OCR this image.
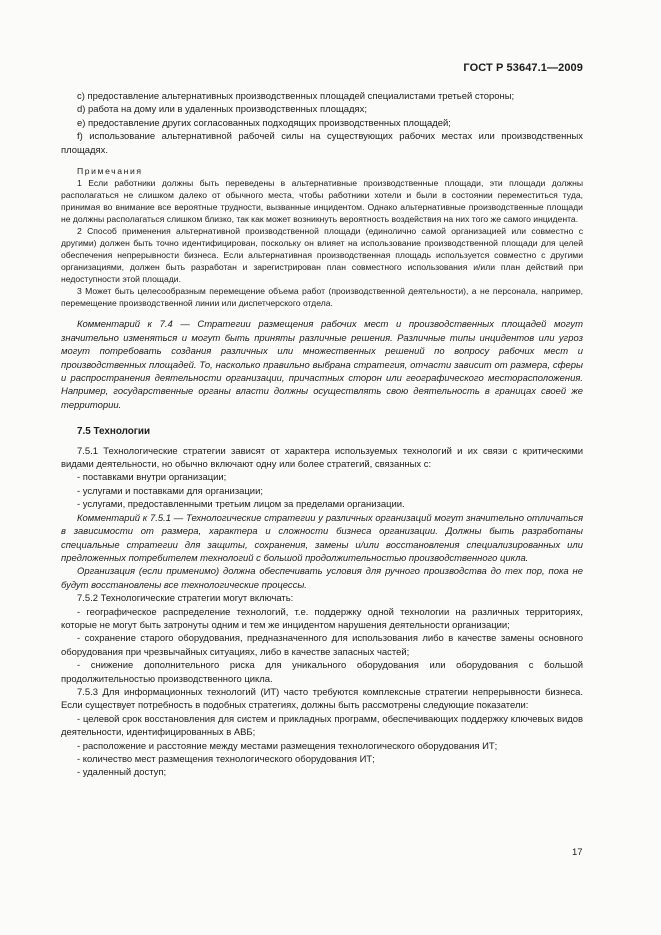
ГОСТ Р 53647.1—2009

с) предоставление альтернативных производственных площадей специалистами третьей стороны;

d) работа на дому или в удаленных производственных площадях;

е) предоставление других согласованных подходящих производственных площадей;

f) использование альтернативной рабочей силы на существующих рабочих местах или производственных площадях.

Примечания

1 Если работники должны быть переведены в альтернативные производственные площади, эти площади должны располагаться не слишком далеко от обычного места, чтобы работники хотели и были в состоянии переместиться туда, принимая во внимание все вероятные трудности, вызванные инцидентом. Однако альтернативные производственные площади не должны располагаться слишком близко, так как может возникнуть вероятность воздействия на них того же самого инцидента.

2 Способ применения альтернативной производственной площади (единолично самой организацией или совместно с другими) должен быть точно идентифицирован, поскольку он влияет на использование производственной площади для целей обеспечения непрерывности бизнеса. Если альтернативная производственная площадь используется совместно с другими организациями, должен быть разработан и зарегистрирован план совместного использования и/или план действий при недоступности этой площади.

3 Может быть целесообразным перемещение объема работ (производственной деятельности), а не персонала, например, перемещение производственной линии или диспетчерского отдела.

Комментарий к 7.4 — Стратегии размещения рабочих мест и производственных площадей могут значительно изменяться и могут быть приняты различные решения. Различные типы инцидентов или угроз могут потребовать создания различных или множественных решений по вопросу рабочих мест и производственных площадей. То, насколько правильно выбрана стратегия, отчасти зависит от размера, сферы и распространения деятельности организации, причастных сторон или географического месторасположения. Например, государственные органы власти должны осуществлять свою деятельность в границах своей же территории.

7.5 Технологии

7.5.1 Технологические стратегии зависят от характера используемых технологий и их связи с критическими видами деятельности, но обычно включают одну или более стратегий, связанных с:

- поставками внутри организации;

- услугами и поставками для организации;

- услугами, предоставленными третьим лицом за пределами организации.

Комментарий к 7.5.1 — Технологические стратегии у различных организаций могут значительно отличаться в зависимости от размера, характера и сложности бизнеса организации. Должны быть разработаны специальные стратегии для защиты, сохранения, замены и/или восстановления специализированных или предложенных потребителем технологий с большой продолжительностью производственного цикла.

Организация (если применимо) должна обеспечивать условия для ручного производства до тех пор, пока не будут восстановлены все технологические процессы.

7.5.2 Технологические стратегии могут включать:

- географическое распределение технологий, т.е. поддержку одной технологии на различных территориях, которые не могут быть затронуты одним и тем же инцидентом нарушения деятельности организации;

- сохранение старого оборудования, предназначенного для использования либо в качестве замены основного оборудования при чрезвычайных ситуациях, либо в качестве запасных частей;

- снижение дополнительного риска для уникального оборудования или оборудования с большой продолжительностью производственного цикла.

7.5.3 Для информационных технологий (ИТ) часто требуются комплексные стратегии непрерывности бизнеса. Если существует потребность в подобных стратегиях, должны быть рассмотрены следующие показатели:

- целевой срок восстановления для систем и прикладных программ, обеспечивающих поддержку ключевых видов деятельности, идентифицированных в АВБ;

- расположение и расстояние между местами размещения технологического оборудования ИТ;

- количество мест размещения технологического оборудования ИТ;

- удаленный доступ;

17
